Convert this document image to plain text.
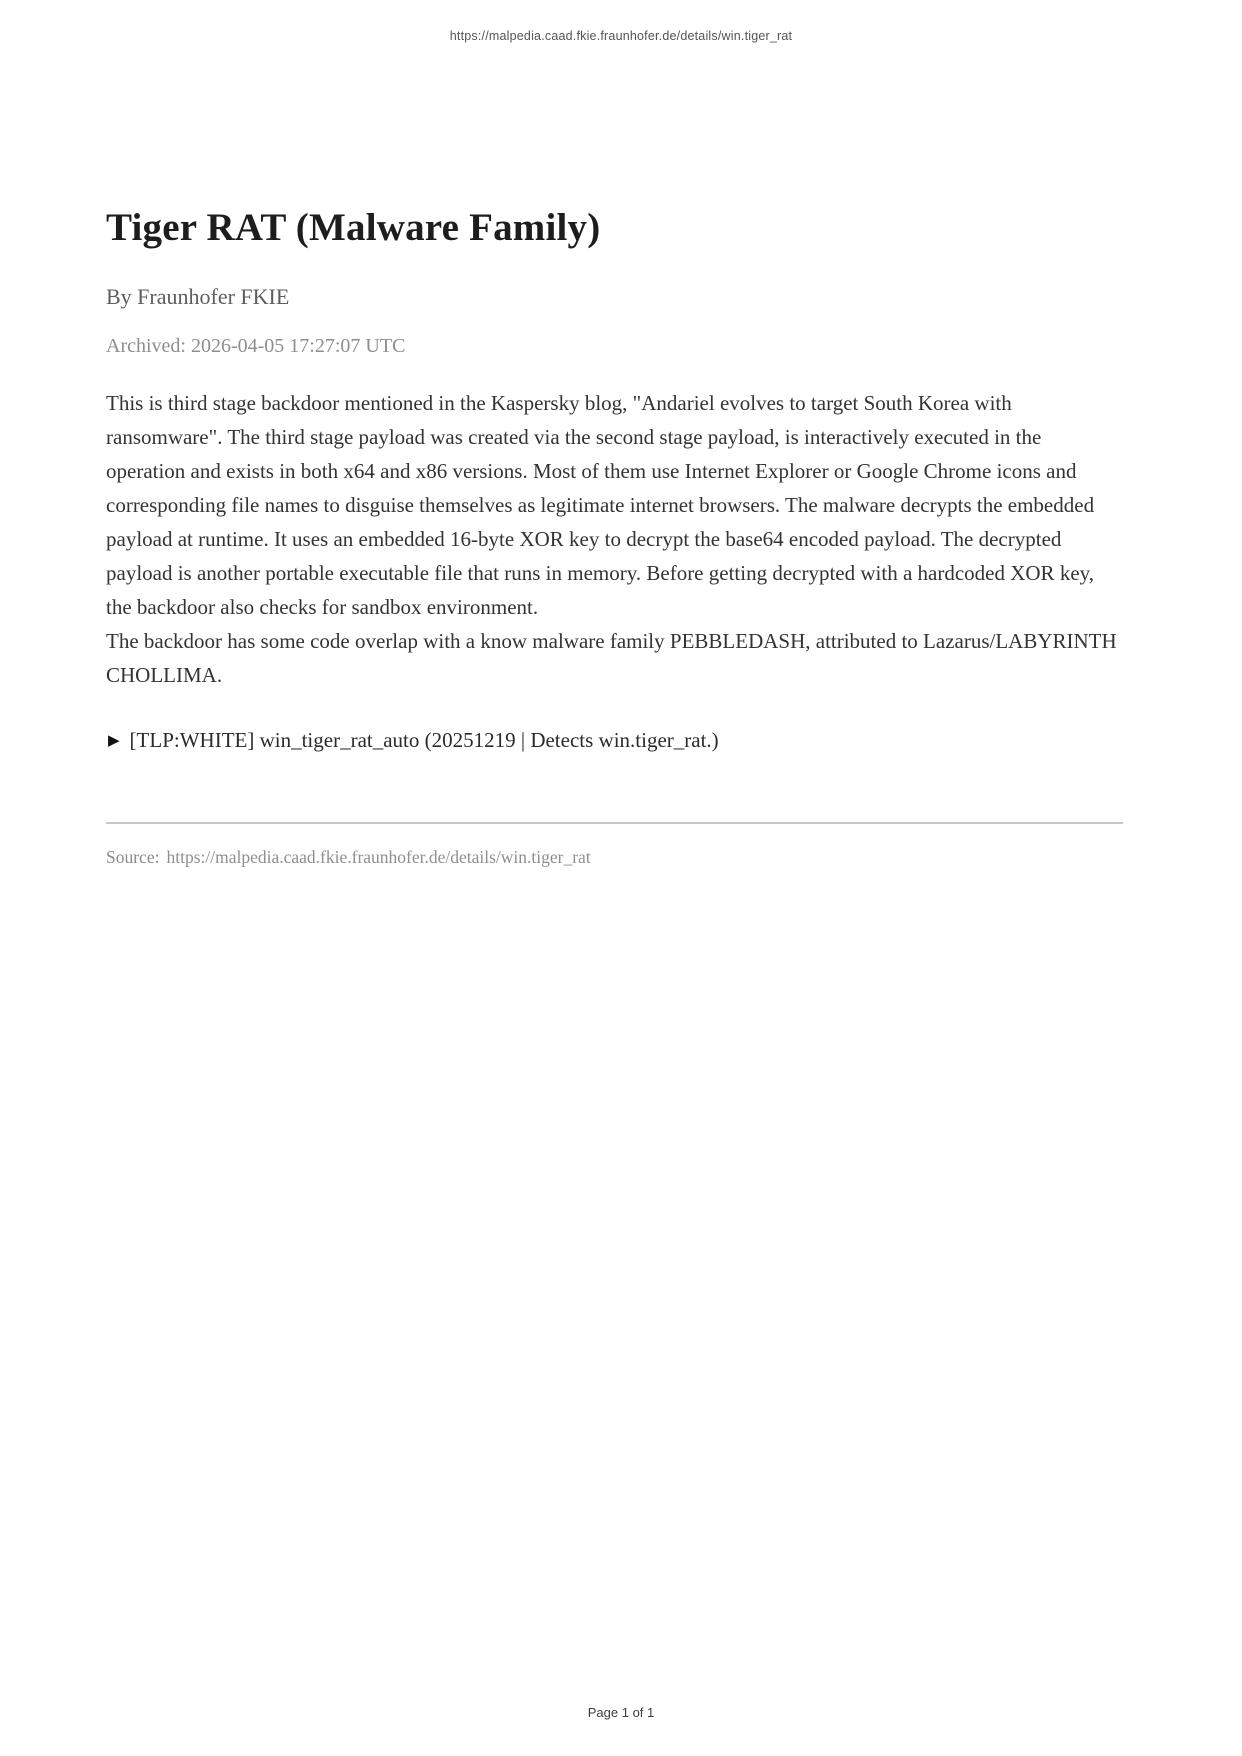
https://malpedia.caad.fkie.fraunhofer.de/details/win.tiger_rat
Tiger RAT (Malware Family)

By Fraunhofer FKIE

Archived: 2026-04-05 17:27:07 UTC

This is third stage backdoor mentioned in the Kaspersky blog, "Andariel evolves to target South Korea with ransomware". The third stage payload was created via the second stage payload, is interactively executed in the operation and exists in both x64 and x86 versions. Most of them use Internet Explorer or Google Chrome icons and corresponding file names to disguise themselves as legitimate internet browsers. The malware decrypts the embedded payload at runtime. It uses an embedded 16-byte XOR key to decrypt the base64 encoded payload. The decrypted payload is another portable executable file that runs in memory. Before getting decrypted with a hardcoded XOR key, the backdoor also checks for sandbox environment.
The backdoor has some code overlap with a know malware family PEBBLEDASH, attributed to Lazarus/LABYRINTH CHOLLIMA.

▶ [TLP:WHITE] win_tiger_rat_auto (20251219 | Detects win.tiger_rat.)

Source: https://malpedia.caad.fkie.fraunhofer.de/details/win.tiger_rat

Page 1 of 1
